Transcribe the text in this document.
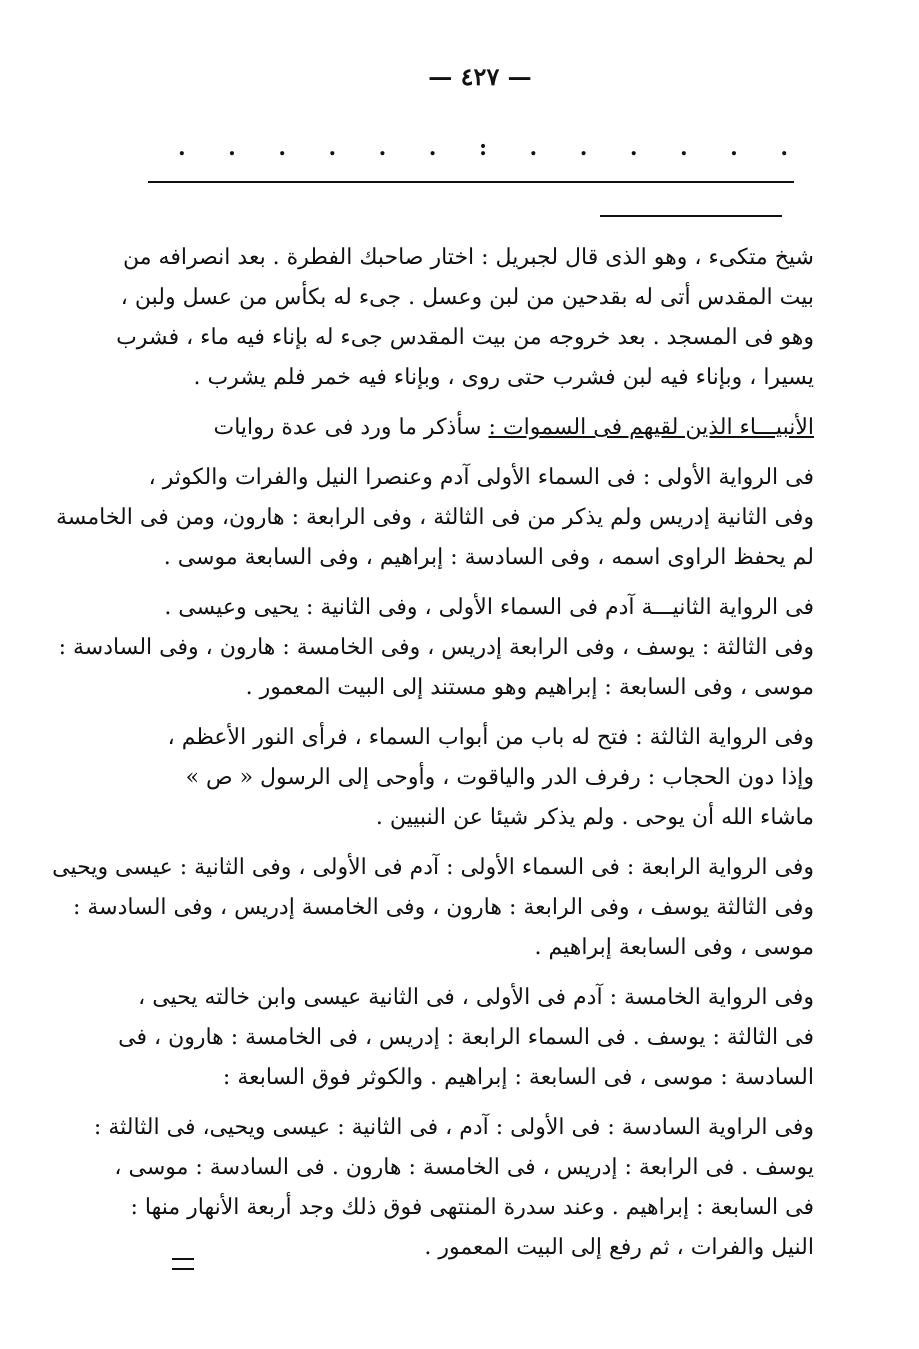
— ٤٢٧ —
. . . . . . : . . . . . .
شيخ متكىء ، وهو الذى قال لجبريل : اختار صاحبك الفطرة . بعد انصرافه من
بيت المقدس أتى له بقدحين من لبن وعسل . جىء له بكأس من عسل ولبن ،
وهو فى المسجد . بعد خروجه من بيت المقدس جىء له بإناء فيه ماء ، فشرب
يسيرا ، وبإناء فيه لبن فشرب حتى روى ، وبإناء فيه خمر فلم يشرب .
الأنبيـــاء الذين لقيهم فى السموات : سأذكر ما ورد فى عدة روايات
فى الرواية الأولى : فى السماء الأولى آدم وعنصرا النيل والفرات والكوثر ،
وفى الثانية إدريس ولم يذكر من فى الثالثة ، وفى الرابعة : هارون، ومن فى الخامسة
لم يحفظ الراوى اسمه ، وفى السادسة : إبراهيم ، وفى السابعة موسى .
فى الرواية الثانيـــة آدم فى السماء الأولى ، وفى الثانية : يحيى وعيسى .
وفى الثالثة : يوسف ، وفى الرابعة إدريس ، وفى الخامسة : هارون ، وفى السادسة :
موسى ، وفى السابعة : إبراهيم وهو مستند إلى البيت المعمور .
وفى الرواية الثالثة : فتح له باب من أبواب السماء ، فرأى النور الأعظم ،
وإذا دون الحجاب : رفرف الدر والياقوت ، وأوحى إلى الرسول « ص »
ماشاء الله أن يوحى . ولم يذكر شيئا عن النبيين .
وفى الرواية الرابعة : فى السماء الأولى : آدم فى الأولى ، وفى الثانية : عيسى ويحيى
وفى الثالثة يوسف ، وفى الرابعة : هارون ، وفى الخامسة إدريس ، وفى السادسة :
موسى ، وفى السابعة إبراهيم .
وفى الرواية الخامسة : آدم فى الأولى ، فى الثانية عيسى وابن خالته يحيى ،
فى الثالثة : يوسف . فى السماء الرابعة : إدريس ، فى الخامسة : هارون ، فى
السادسة : موسى ، فى السابعة : إبراهيم . والكوثر فوق السابعة :
وفى الراوية السادسة : فى الأولى : آدم ، فى الثانية : عيسى ويحيى، فى الثالثة :
يوسف . فى الرابعة : إدريس ، فى الخامسة : هارون . فى السادسة : موسى ،
فى السابعة : إبراهيم . وعند سدرة المنتهى فوق ذلك وجد أربعة الأنهار منها :
النيل والفرات ، ثم رفع إلى البيت المعمور .
